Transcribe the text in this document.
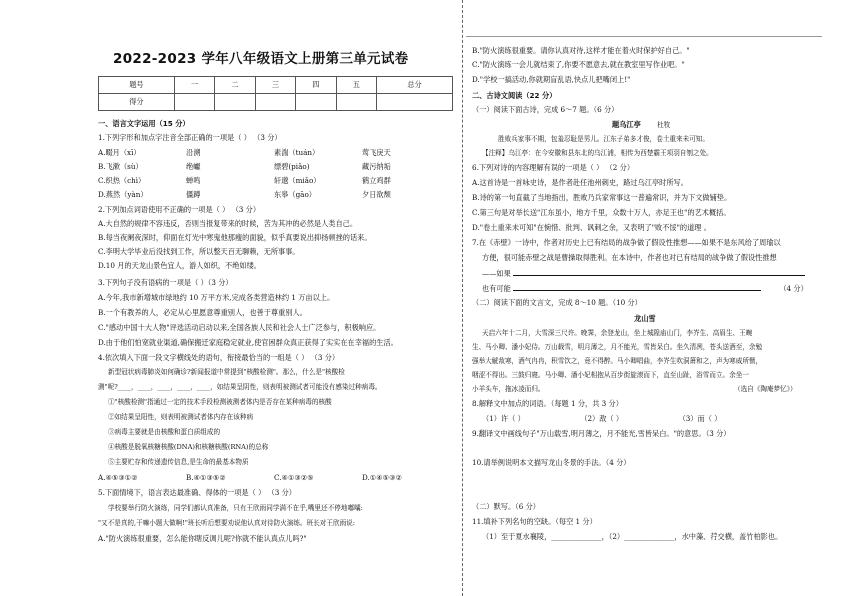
2022-2023 学年八年级语文上册第三单元试卷
题号	一	二	三	四	五	总分
得分						
一、语言文字运用（15 分）
1.下列字形和加点字注音全部正确的一项是（ ） （3 分）
A.畷月（xī）	沿溯	素湍（tuán）	莺飞戾天
B.飞漱（sù）	绝巘	缥碧(piǎo)	藏污纳垢
C.织热（chì）	蝉鸣	轩邈（miǎo）	鹤立鸡群
D.燕然（yàn）	僵蹲	东皋（gāo）	夕日欲颓
2.下列加点词语使用不正确的一项是（ ） （3 分）
A.大自然的规律不容违反，否则当报复带来的时候，苦为其冲的必然是人类自己。
B.每当夜阑夜深时，仰面在灯光中寒鬼他那瘦的面貌，似乎真要说出抑扬顿挫的话来。
C.李明大学毕业后没找到工作，所以整天百无聊赖，无所事事。
D.10 月的天龙山景色宜人，游人如织，不绝如缕。
3.下列句子没有语病的一项是（ ）（3 分）
A.今年,我市新增城市绿地约 10 万平方米,完成各类营造林约 1 万亩以上。
B.一个有教养的人，必定从心里愿意尊重别人，也善于尊重别人。
C."感动中国十大人物"评选活动启动以来,全国各族人民和社会人士广泛参与，积极响应。
D.由于他们怕宽就业渠道,确保搬迁家庭稳定就业,使官困群众真正获得了实实在在幸福的生活。
4.依次填入下面一段文字横线处的语句，衔接最恰当的一组是（ ） （3 分）
新型冠状病毒肺炎如何确诊?新闻报道中常提到"核酸检测"。那么，什么是"核酸检
测"呢?____，____，____，____，____，如结果呈阴性，则表明被测试者可能没有感染过种病毒。
①"核酸检测"指通过一定的技术手段检测被测者体内是否存在某种病毒的核酸
②如结果呈阳性，则表明被测试者体内存在该种病
③病毒主要就是由核酸和蛋白质组成的
④核酸是脱氧核糖核酸(DNA)和核糖核酸(RNA)的总称
⑤主要贮存和传递遗传信息,是生命的最基本物质
A.④⑤③①②	B.④①③⑤②	C.④①③②⑤	D.①④⑤③②
5.下面情境下，语言表达最准确、得体的一项是（ ） （3 分）
学校要举行防火演练，同学们都认真准备，只有王欣雨同学满不在乎,嘴里还不停地嘟囔:
"又不是真的,干嘛小题大做啊!"班长听后想要劝说他认真对待防火演练。班长对王欣雨说:
A."防火演练很重要，怎么能你瞎反调儿呢?你就不能认真点儿吗?"
B."防火演练很重要。请你认真对待,这样才能在着火时保护好自己。"
C."防火演练一会儿就结束了,你要不愿意去,就在教室里写作业吧。"
D."学校一搞活动,你就期盲乱语,快点儿把嘴闭上!"
二、古诗文阅读（22 分）
（一）阅读下面古诗，完成 6～7 题。（6 分）
题乌江亭 杜牧
胜败兵家事不期，包羞忍耻是男儿。江东子弟多才俊，卷土重来未可知。
【注释】乌江亭：在今安徽和县东北的乌江浦，相传为西楚霸王项羽自刎之处。
6.下列对诗的内容理解有误的一项是（ ） （2 分）
A.这首诗是一首咏史诗，是作者赴任池州刺史，路过乌江亭时所写。
B.诗的第一句直截了当地指出，胜败乃兵家常事这一普遍常识，并为下文做铺垫。
C.第三句是对举长送"江东虽小，地方千里，众数十万人，亦足王也"的艺术概括。
D."卷土重来未可知"在惋惜、批判、讽刺之余，又表明了"败不馁"的道理 。
7.在《赤壁》一诗中，作者对历史上已有结局的战争做了假设性推想——如果不是东风给了周瑜以
方便，很可能赤壁之战是曹操取得胜利。在本诗中，作者也对已有结局的战争做了假设性推想
——如果
也有可能	（4 分）
（二）阅读下面的文言文，完成 8～10 题。（10 分）
龙山雪
天启六年十二月，大雪深三尺许。晚霁，余登龙山，坐上城隍庙山门，李岕生、高眉生、王畹
生、马小卿、潘小妃侍。万山载雪，明月薄之，月不能光，雪皆呆白。坐久清冽，苍头送酒至，余勉
强举大觥敌寒，酒气冉冉，积雪饮之，竟不得醉。马小卿唱曲，李岕生吹洞箫和之，声为寒威所慑，
咽涩不得出。三鼓归寝。马小卿、潘小妃相抱从百步街旋滚而下，直至山趾，浴雪而立。余坐一
小羊头车，拖冰凌而归。	（选自《陶庵梦忆》）
8.解释文中加点的词语。（每题 1 分，共 3 分）
（1）许（ ）	（2）敌（ ）	（3）而（ ）
9.翻译文中画线句子"万山载雪,明月薄之，月不能光,雪皆呆白。"的意思。（3 分）
10.请举例说明本文描写龙山冬景的手法。（4 分）
（二）默写。（6 分）
11.填补下列名句的空缺。（每空 1 分）
（1）至于夏水襄陵，______________，（2）______________，水中藻、荇交横，盖竹柏影也。
